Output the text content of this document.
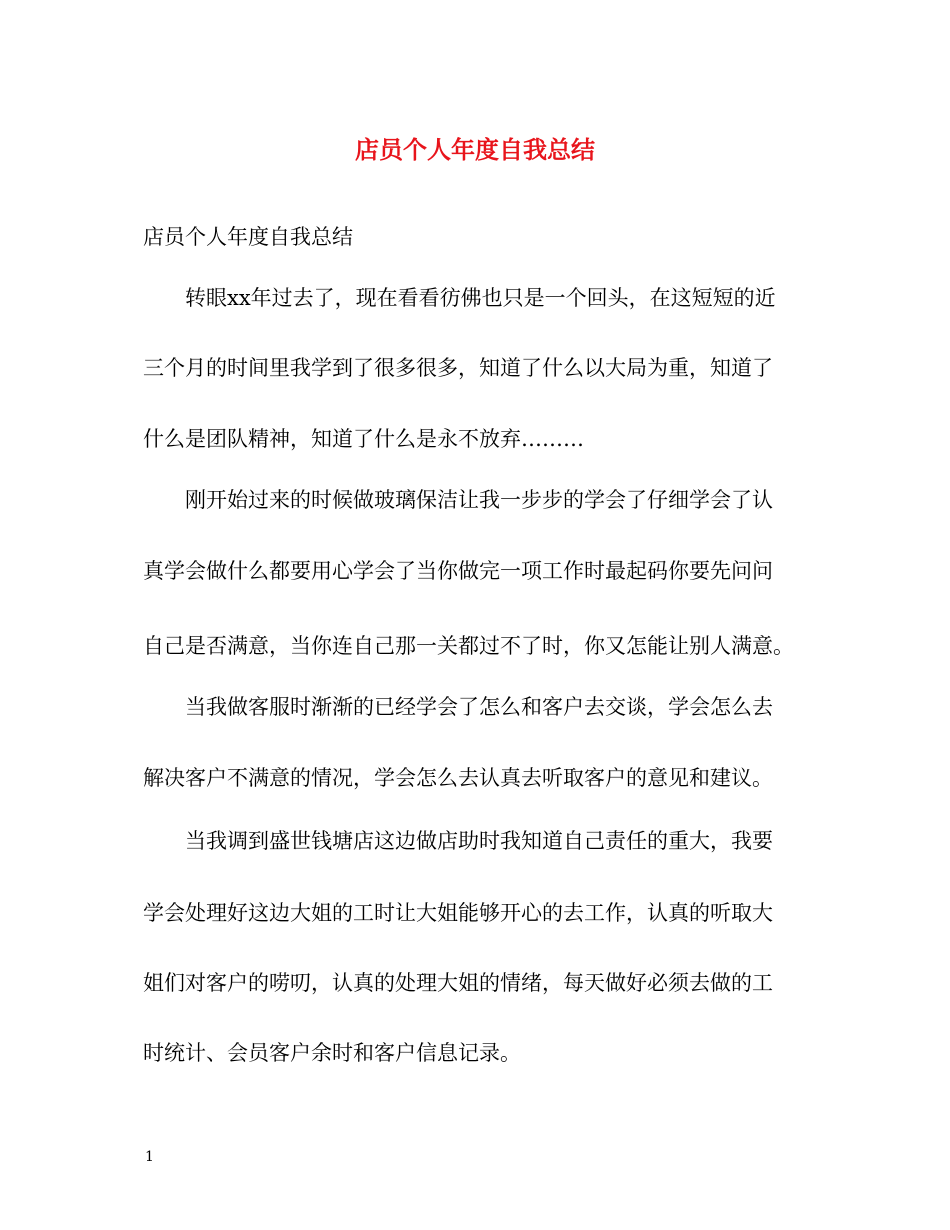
店员个人年度自我总结
店员个人年度自我总结
转眼xx年过去了，现在看看彷佛也只是一个回头，在这短短的近
三个月的时间里我学到了很多很多，知道了什么以大局为重，知道了
什么是团队精神，知道了什么是永不放弃………
刚开始过来的时候做玻璃保洁让我一步步的学会了仔细学会了认
真学会做什么都要用心学会了当你做完一项工作时最起码你要先问问
自己是否满意，当你连自己那一关都过不了时，你又怎能让别人满意。
当我做客服时渐渐的已经学会了怎么和客户去交谈，学会怎么去
解决客户不满意的情况，学会怎么去认真去听取客户的意见和建议。
当我调到盛世钱塘店这边做店助时我知道自己责任的重大，我要
学会处理好这边大姐的工时让大姐能够开心的去工作，认真的听取大
姐们对客户的唠叨，认真的处理大姐的情绪，每天做好必须去做的工
时统计、会员客户余时和客户信息记录。
1
